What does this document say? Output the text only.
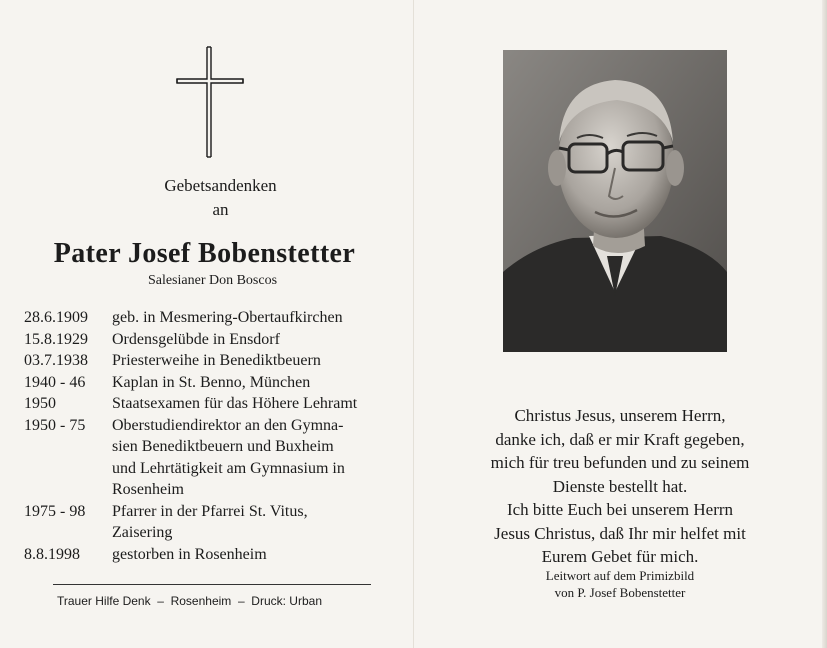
Gebetsandenken
an
Pater Josef Bobenstetter
Salesianer Don Boscos
28.6.1909	geb. in Mesmering-Obertaufkirchen
15.8.1929	Ordensgelübde in Ensdorf
03.7.1938	Priesterweihe in Benediktbeuern
1940 - 46	Kaplan in St. Benno, München
1950	Staatsexamen für das Höhere Lehramt
1950 - 75	Oberstudiendirektor an den Gymna-
sien Benediktbeuern und Buxheim
und Lehrtätigkeit am Gymnasium in
Rosenheim
1975 - 98	Pfarrer in der Pfarrei St. Vitus,
Zaisering
8.8.1998	gestorben in Rosenheim
Trauer Hilfe Denk  –  Rosenheim  –  Druck: Urban
Christus Jesus, unserem Herrn,
danke ich, daß er mir Kraft gegeben,
mich für treu befunden und zu seinem
Dienste bestellt hat.
Ich bitte Euch bei unserem Herrn
Jesus Christus, daß Ihr mir helfet mit
Eurem Gebet für mich.
Leitwort auf dem Primizbild
von P. Josef Bobenstetter
